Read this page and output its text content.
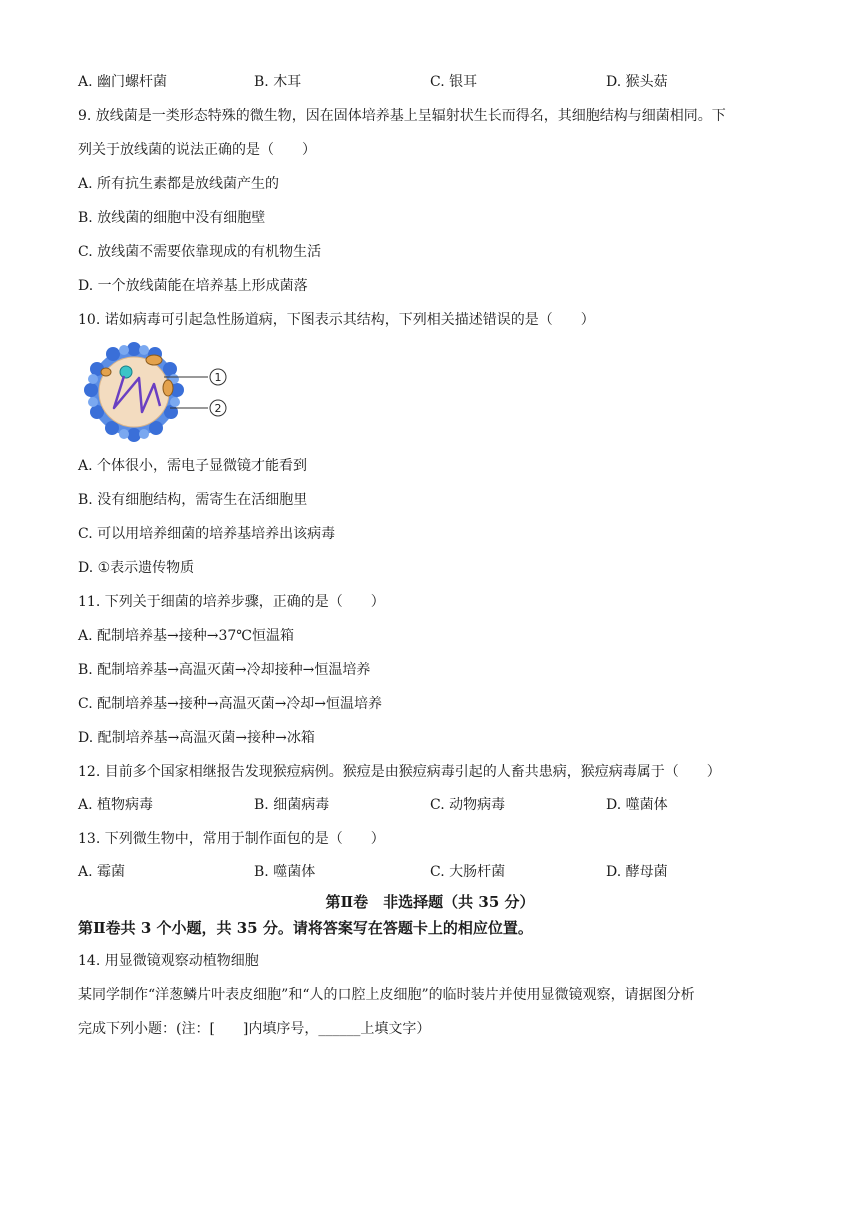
A. 幽门螺杆菌	B. 木耳	C. 银耳	D. 猴头菇
9. 放线菌是一类形态特殊的微生物，因在固体培养基上呈辐射状生长而得名，其细胞结构与细菌相同。下
列关于放线菌的说法正确的是（　　）
A. 所有抗生素都是放线菌产生的
B. 放线菌的细胞中没有细胞壁
C. 放线菌不需要依靠现成的有机物生活
D. 一个放线菌能在培养基上形成菌落
10. 诺如病毒可引起急性肠道病，下图表示其结构，下列相关描述错误的是（　　）
1
2
A. 个体很小，需电子显微镜才能看到
B. 没有细胞结构，需寄生在活细胞里
C. 可以用培养细菌的培养基培养出该病毒
D. ①表示遗传物质
11. 下列关于细菌的培养步骤，正确的是（　　）
A. 配制培养基→接种→37℃恒温箱
B. 配制培养基→高温灭菌→冷却接种→恒温培养
C. 配制培养基→接种→高温灭菌→冷却→恒温培养
D. 配制培养基→高温灭菌→接种→冰箱
12. 目前多个国家相继报告发现猴痘病例。猴痘是由猴痘病毒引起的人畜共患病，猴痘病毒属于（　　）
A. 植物病毒	B. 细菌病毒	C. 动物病毒	D. 噬菌体
13. 下列微生物中，常用于制作面包的是（　　）
A. 霉菌	B. 噬菌体	C. 大肠杆菌	D. 酵母菌
第Ⅱ卷　非选择题（共 35 分）
第Ⅱ卷共 3 个小题，共 35 分。请将答案写在答题卡上的相应位置。
14. 用显微镜观察动植物细胞
某同学制作“洋葱鳞片叶表皮细胞”和“人的口腔上皮细胞”的临时装片并使用显微镜观察，请据图分析
完成下列小题：(注：[　　]内填序号，______上填文字）
